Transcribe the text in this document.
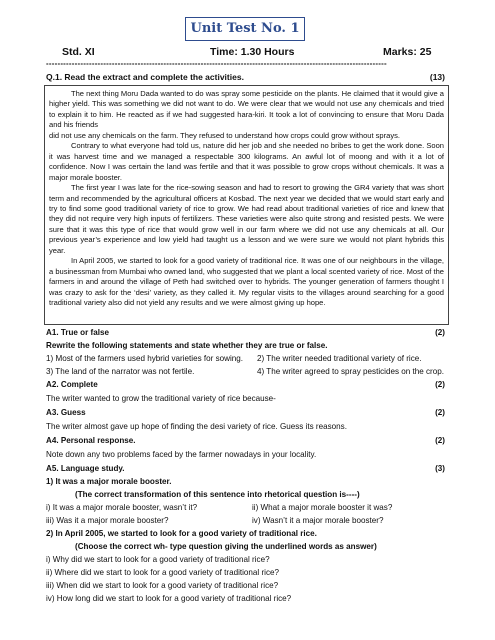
Unit Test No. 1
Std. XI	Time: 1.30 Hours	Marks: 25
-----------------------------------------------------------------------------------------------------------------------
Q.1. Read the extract and complete the activities.	(13)

The next thing Moru Dada wanted to do was spray some pesticide on the plants. He claimed that it would give a higher yield. This was something we did not want to do. We were clear that we would not use any chemicals and tried to explain it to him. He reacted as if we had suggested hara-kiri. It took a lot of convincing to ensure that Moru Dada and his friends

did not use any chemicals on the farm. They refused to understand how crops could grow without sprays.

Contrary to what everyone had told us, nature did her job and she needed no bribes to get the work done. Soon it was harvest time and we managed a respectable 300 kilograms. An awful lot of moong and with it a lot of confidence. Now I was certain the land was fertile and that it was possible to grow crops without chemicals. It was a major morale booster.

The first year I was late for the rice-sowing season and had to resort to growing the GR4 variety that was short term and recommended by the agricultural officers at Kosbad. The next year we decided that we would start early and try to find some good traditional variety of rice to grow. We had read about traditional varieties of rice and knew that they did not require very high inputs of fertilizers. These varieties were also quite strong and resisted pests. We were sure that it was this type of rice that would grow well in our farm where we did not use any chemicals at all. Our previous year’s experience and low yield had taught us a lesson and we were sure we would not plant hybrids this year.

In April 2005, we started to look for a good variety of traditional rice. It was one of our neighbours in the village, a businessman from Mumbai who owned land, who suggested that we plant a local scented variety of rice. Most of the farmers in and around the village of Peth had switched over to hybrids. The younger generation of farmers thought I was crazy to ask for the ‘desi’ variety, as they called it. My regular visits to the villages around searching for a good traditional variety also did not yield any results and we were almost giving up hope.

A1. True or false	(2)
Rewrite the following statements and state whether they are true or false.
1) Most of the farmers used hybrid varieties for sowing. 2) The writer needed traditional variety of rice.
3) The land of the narrator was not fertile.	4) The writer agreed to spray pesticides on the crop.
A2. Complete	(2)
The writer wanted to grow the traditional variety of rice because-
A3. Guess	(2)
The writer almost gave up hope of finding the desi variety of rice. Guess its reasons.
A4. Personal response.	(2)
Note down any two problems faced by the farmer nowadays in your locality.
A5. Language study.	(3)
1) It was a major morale booster.
(The correct transformation of this sentence into rhetorical question is----)
i) It was a major morale booster, wasn’t it?	ii) What a major morale booster it was?
iii) Was it a major morale booster?	iv) Wasn’t it a major morale booster?
2) In April 2005, we started to look for a good variety of traditional rice.
(Choose the correct wh- type question giving the underlined words as answer)
i) Why did we start to look for a good variety of traditional rice?
ii) Where did we start to look for a good variety of traditional rice?
iii) When did we start to look for a good variety of traditional rice?
iv) How long did we start to look for a good variety of traditional rice?
